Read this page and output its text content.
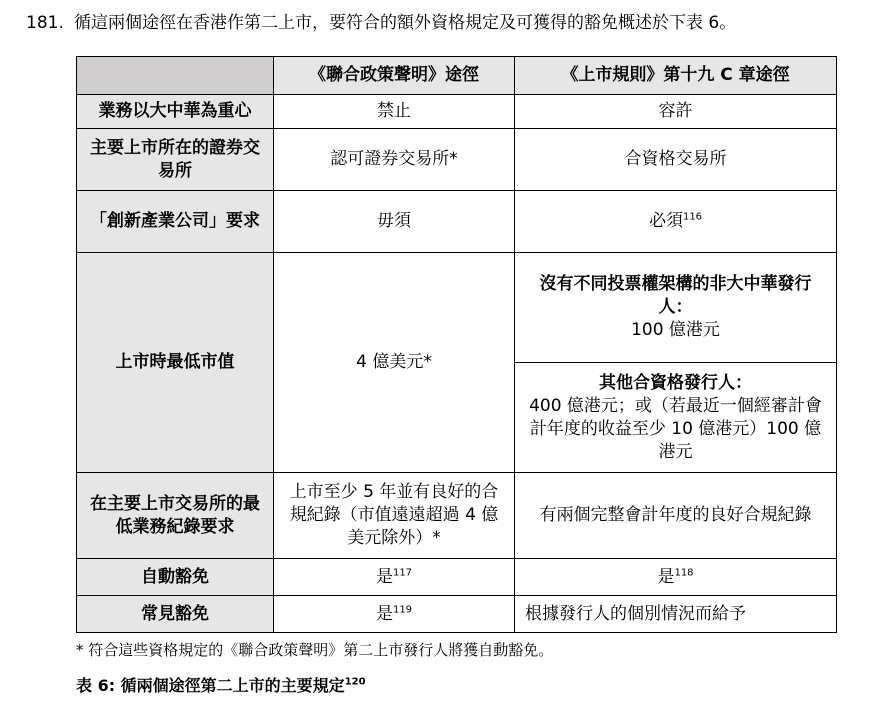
181. 循這兩個途徑在香港作第二上市，要符合的額外資格規定及可獲得的豁免概述於下表 6。
	《聯合政策聲明》途徑	《上市規則》第十九 C 章途徑
業務以大中華為重心	禁止	容許
主要上市所在的證券交易所	認可證券交易所*	合資格交易所
「創新產業公司」要求	毋須	必須$^{116}$
上市時最低市值	4 億美元*	沒有不同投票權架構的非大中華發行人：
100 億港元

		其他合資格發行人：
400 億港元；或（若最近一個經審計會計年度的收益至少 10 億港元）100 億港元

在主要上市交易所的最低業務紀錄要求	上市至少 5 年並有良好的合規紀錄（市值遠遠超過 4 億美元除外）*	有兩個完整會計年度的良好合規紀錄
自動豁免	是$^{117}$	是$^{118}$
常見豁免	是$^{119}$	根據發行人的個別情況而給予
* 符合這些資格規定的《聯合政策聲明》第二上市發行人將獲自動豁免。
表 6: 循兩個途徑第二上市的主要規定$^{120}$
